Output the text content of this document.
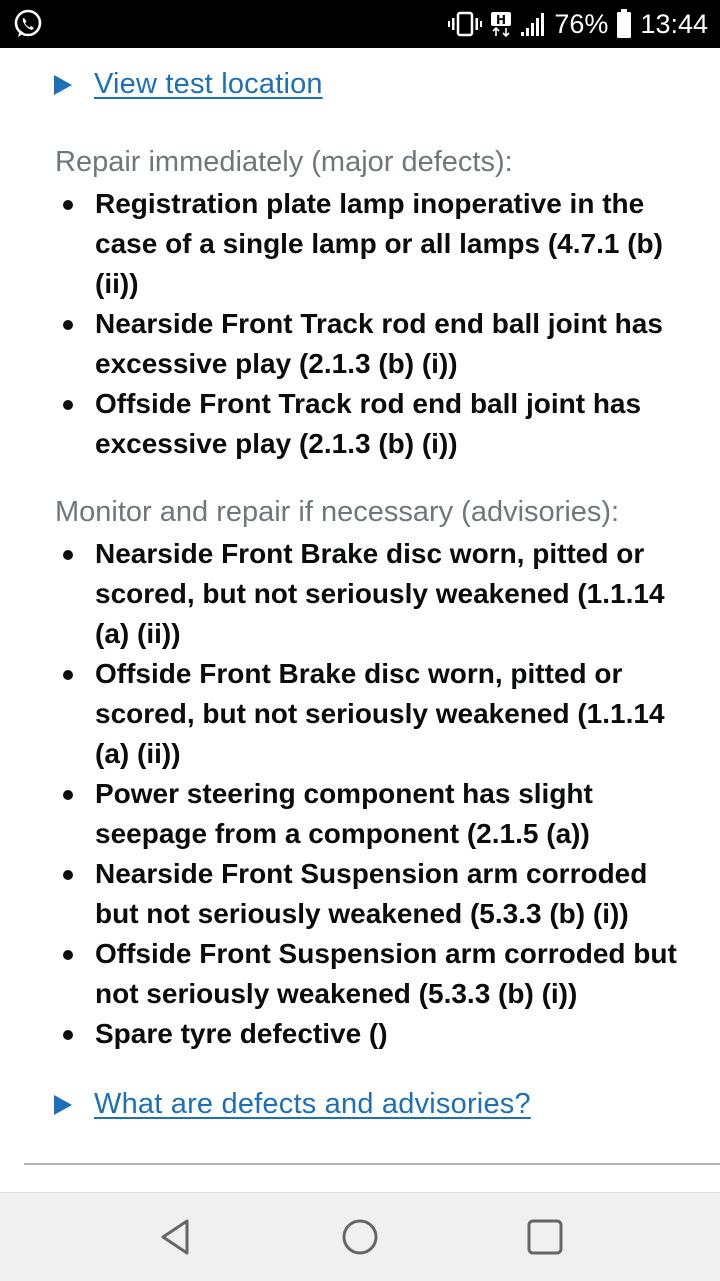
H 76% 13:44
View test location
Repair immediately (major defects):
Registration plate lamp inoperative in the case of a single lamp or all lamps (4.7.1 (b) (ii))
Nearside Front Track rod end ball joint has excessive play (2.1.3 (b) (i))
Offside Front Track rod end ball joint has excessive play (2.1.3 (b) (i))
Monitor and repair if necessary (advisories):
Nearside Front Brake disc worn, pitted or scored, but not seriously weakened (1.1.14 (a) (ii))
Offside Front Brake disc worn, pitted or scored, but not seriously weakened (1.1.14 (a) (ii))
Power steering component has slight seepage from a component (2.1.5 (a))
Nearside Front Suspension arm corroded but not seriously weakened (5.3.3 (b) (i))
Offside Front Suspension arm corroded but not seriously weakened (5.3.3 (b) (i))
Spare tyre defective ()
What are defects and advisories?
